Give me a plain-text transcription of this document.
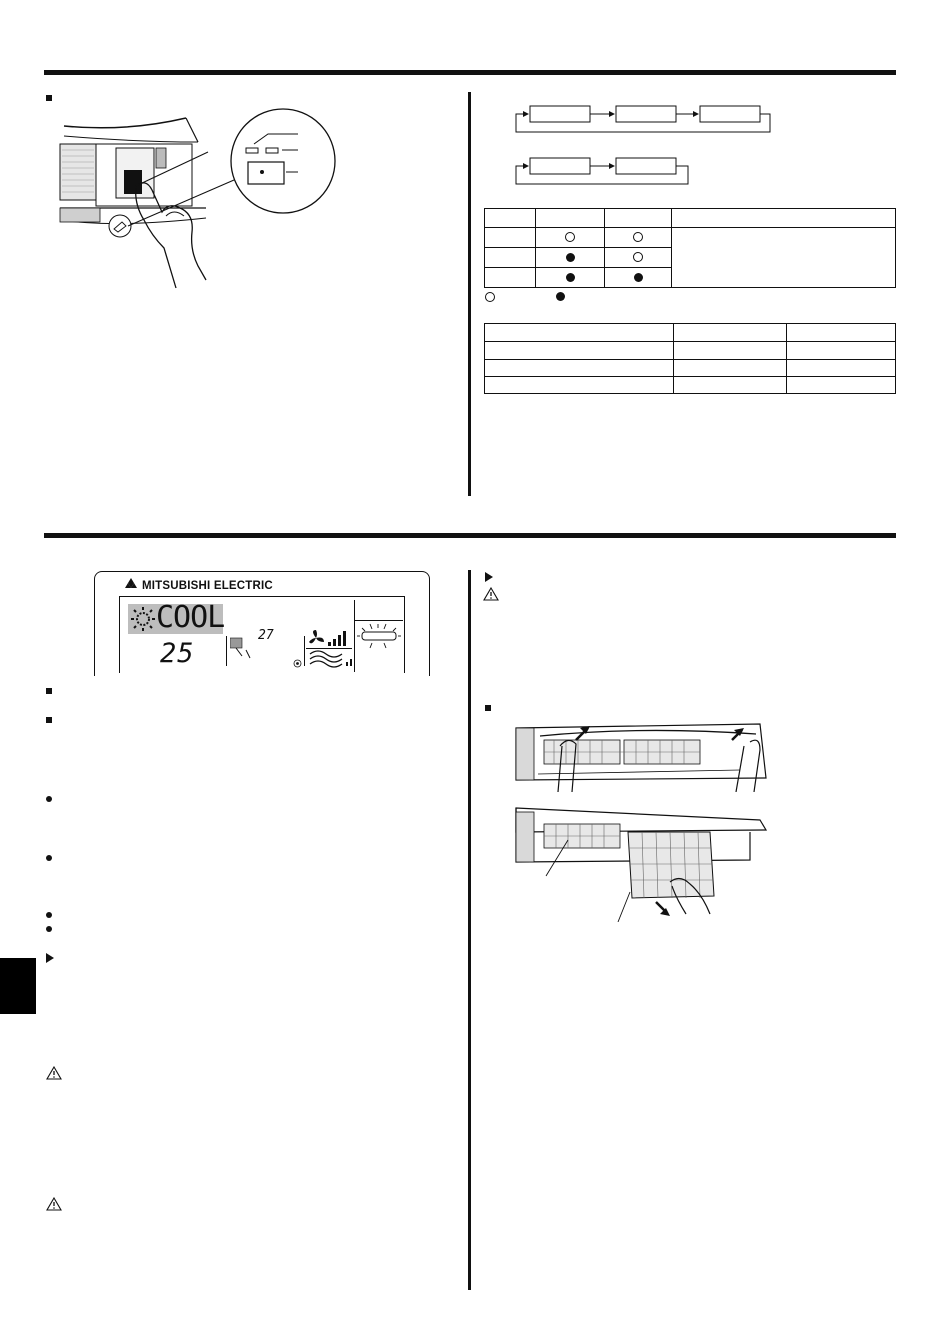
MITSUBISHI ELECTRIC
COOL
25
27
